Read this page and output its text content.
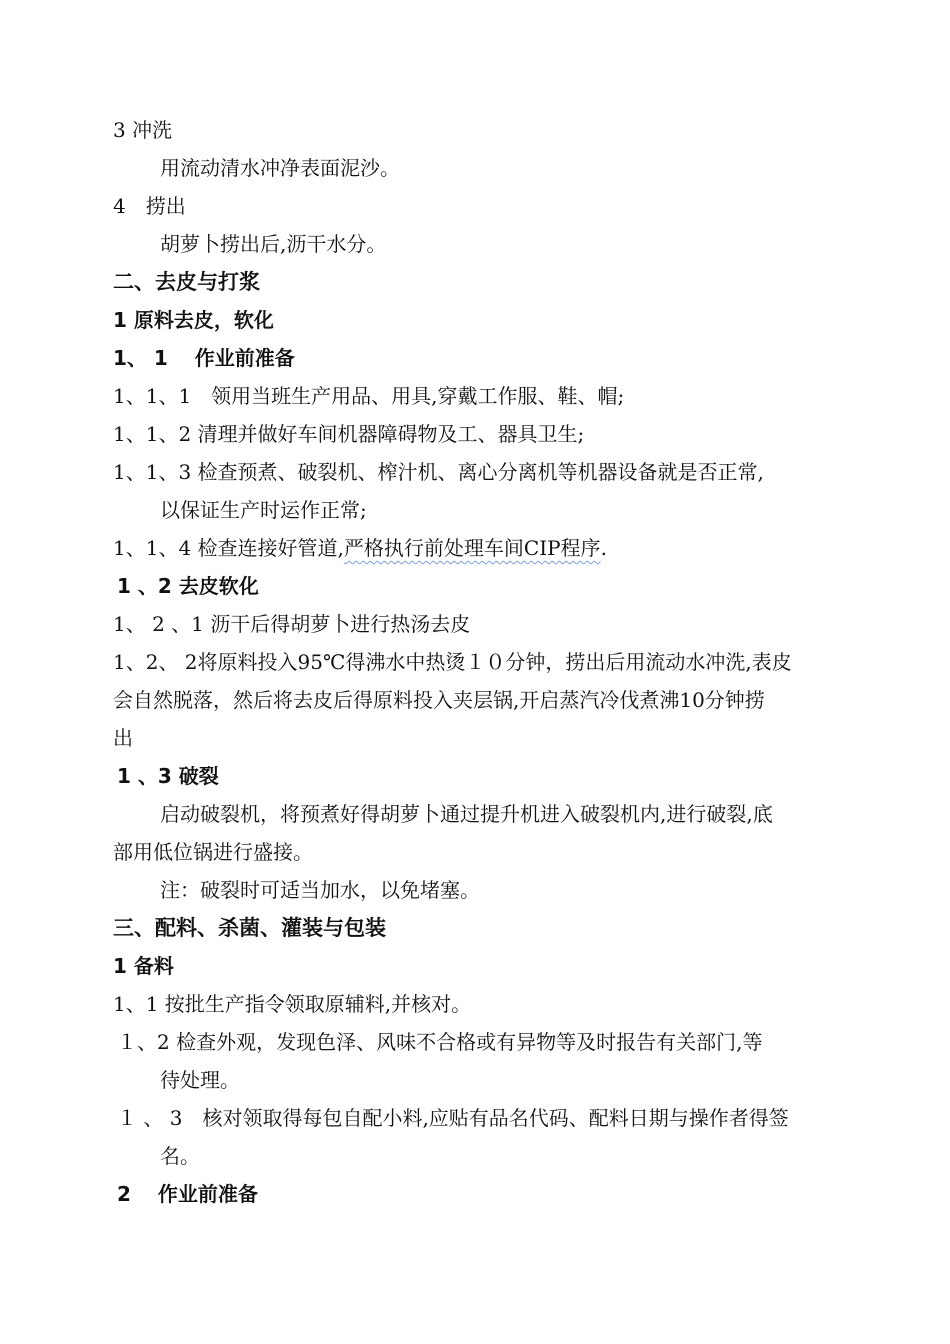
3 冲洗
用流动清水冲净表面泥沙。
4　捞出
胡萝卜捞出后,沥干水分。
二、去皮与打浆
1 原料去皮，软化
1、 1　 作业前准备
1、1、1　领用当班生产用品、用具,穿戴工作服、鞋、帽;
1、1、2 清理并做好车间机器障碍物及工、器具卫生;
1、1、3 检查预煮、破裂机、榨汁机、离心分离机等机器设备就是否正常,
以保证生产时运作正常;
1、1、4 检查连接好管道,严格执行前处理车间CIP程序.
1 、2 去皮软化
1、 2 、1 沥干后得胡萝卜进行热汤去皮
1、2、 2将原料投入95℃得沸水中热烫１０分钟，捞出后用流动水冲洗,表皮
会自然脱落，然后将去皮后得原料投入夹层锅,开启蒸汽冷伐煮沸10分钟捞
出
1 、3 破裂
启动破裂机，将预煮好得胡萝卜通过提升机进入破裂机内,进行破裂,底
部用低位锅进行盛接。
注：破裂时可适当加水，以免堵塞。
三、配料、杀菌、灌装与包装
1 备料
1、1 按批生产指令领取原辅料,并核对。
１、2 检查外观，发现色泽、风味不合格或有异物等及时报告有关部门,等
待处理。
１ 、 3　核对领取得每包自配小料,应贴有品名代码、配料日期与操作者得签
名。
2　 作业前准备
